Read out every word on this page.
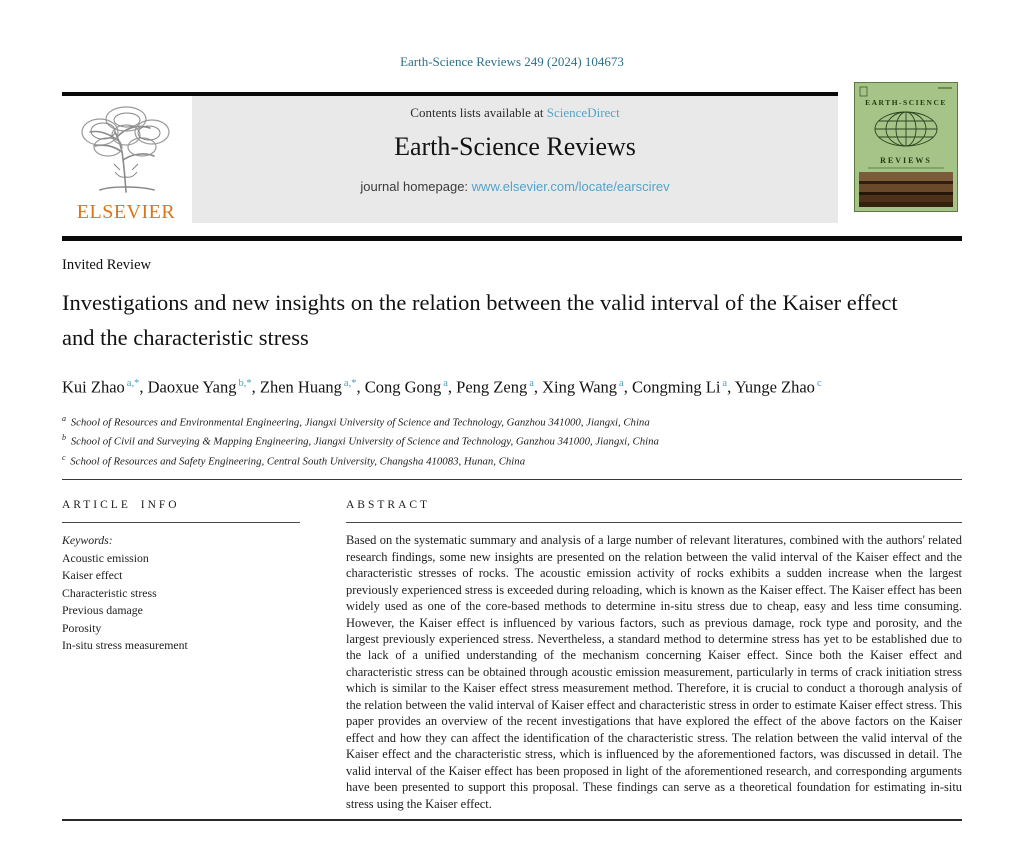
Earth-Science Reviews 249 (2024) 104673
ELSEVIER
Contents lists available at ScienceDirect
Earth-Science Reviews
journal homepage: www.elsevier.com/locate/earscirev
EARTH-SCIENCE
REVIEWS
Invited Review
Investigations and new insights on the relation between the valid interval of the Kaiser effect and the characteristic stress
Kui Zhao $^{a,*}$, Daoxue Yang $^{b,*}$, Zhen Huang $^{a,*}$, Cong Gong $^a$, Peng Zeng $^a$, Xing Wang $^a$, Congming Li $^a$, Yunge Zhao $^c$
$^a$ School of Resources and Environmental Engineering, Jiangxi University of Science and Technology, Ganzhou 341000, Jiangxi, China
$^b$ School of Civil and Surveying & Mapping Engineering, Jiangxi University of Science and Technology, Ganzhou 341000, Jiangxi, China
$^c$ School of Resources and Safety Engineering, Central South University, Changsha 410083, Hunan, China
ARTICLE INFO
Keywords:
Acoustic emission
Kaiser effect
Characteristic stress
Previous damage
Porosity
In-situ stress measurement
ABSTRACT
Based on the systematic summary and analysis of a large number of relevant literatures, combined with the authors' related research findings, some new insights are presented on the relation between the valid interval of the Kaiser effect and the characteristic stresses of rocks. The acoustic emission activity of rocks exhibits a sudden increase when the largest previously experienced stress is exceeded during reloading, which is known as the Kaiser effect. The Kaiser effect has been widely used as one of the core-based methods to determine in-situ stress due to cheap, easy and less time consuming. However, the Kaiser effect is influenced by various factors, such as previous damage, rock type and porosity, and the largest previously experienced stress. Nevertheless, a standard method to determine stress has yet to be established due to the lack of a unified understanding of the mechanism concerning Kaiser effect. Since both the Kaiser effect and characteristic stress can be obtained through acoustic emission measurement, particularly in terms of crack initiation stress which is similar to the Kaiser effect stress measurement method. Therefore, it is crucial to conduct a thorough analysis of the relation between the valid interval of Kaiser effect and characteristic stress in order to estimate Kaiser effect stress. This paper provides an overview of the recent investigations that have explored the effect of the above factors on the Kaiser effect and how they can affect the identification of the characteristic stress. The relation between the valid interval of the Kaiser effect and the characteristic stress, which is influenced by the aforementioned factors, was discussed in detail. The valid interval of the Kaiser effect has been proposed in light of the aforementioned research, and corresponding arguments have been presented to support this proposal. These findings can serve as a theoretical foundation for estimating in-situ stress using the Kaiser effect.
